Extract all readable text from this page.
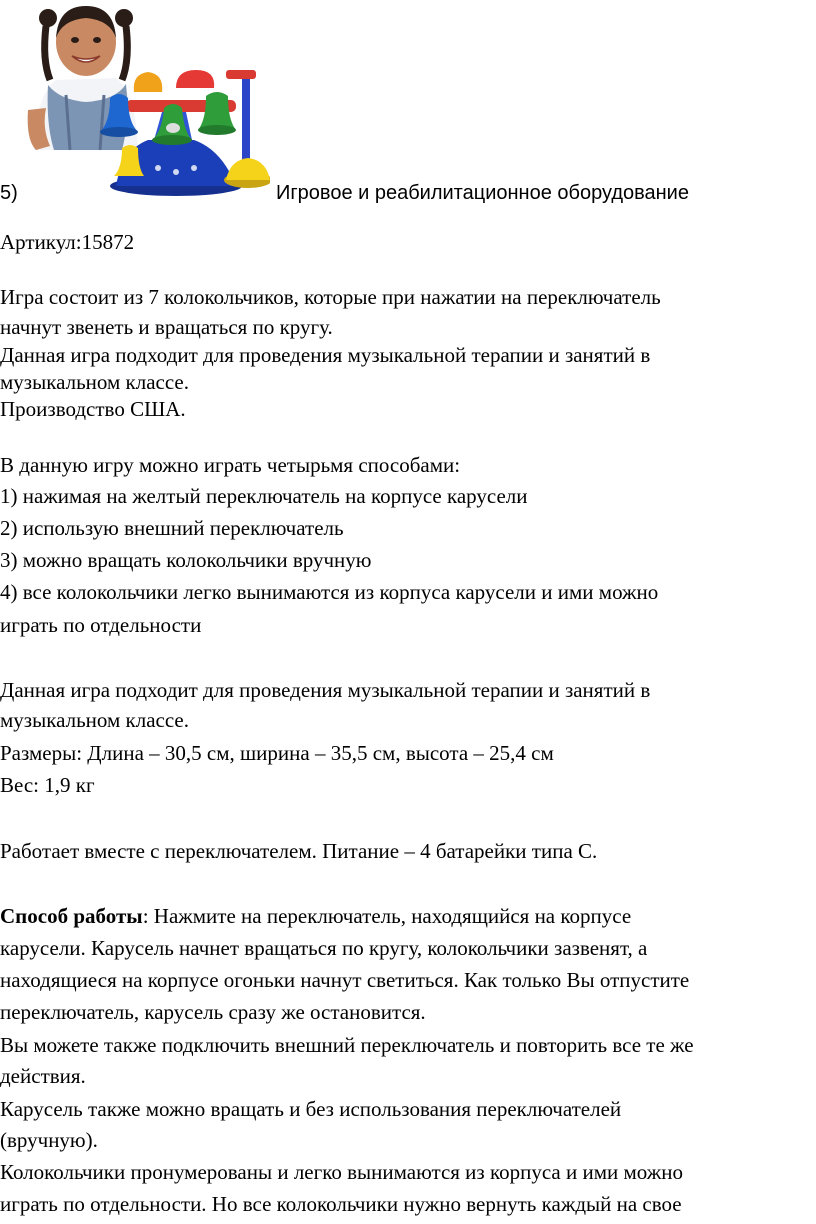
5)	Игровое и реабилитационное оборудование
Артикул:15872
Игра состоит из 7 колокольчиков, которые при нажатии на переключатель
начнут звенеть и вращаться по кругу.
Данная игра подходит для проведения музыкальной терапии и занятий в
музыкальном классе.
Производство США.
В данную игру можно играть четырьмя способами:
1) нажимая на желтый переключатель на корпусе карусели
2) использую внешний переключатель
3) можно вращать колокольчики вручную
4) все колокольчики легко вынимаются из корпуса карусели и ими можно
играть по отдельности
Данная игра подходит для проведения музыкальной терапии и занятий в
музыкальном классе.
Размеры: Длина – 30,5 см, ширина – 35,5 см, высота – 25,4 см
Вес: 1,9 кг
Работает вместе с переключателем. Питание – 4 батарейки типа С.
Способ работы: Нажмите на переключатель, находящийся на корпусе
карусели. Карусель начнет вращаться по кругу, колокольчики зазвенят, а
находящиеся на корпусе огоньки начнут светиться. Как только Вы отпустите
переключатель, карусель сразу же остановится.
Вы можете также подключить внешний переключатель и повторить все те же
действия.
Карусель также можно вращать и без использования переключателей
(вручную).
Колокольчики пронумерованы и легко вынимаются из корпуса и ими можно
играть по отдельности. Но все колокольчики нужно вернуть каждый на свое
